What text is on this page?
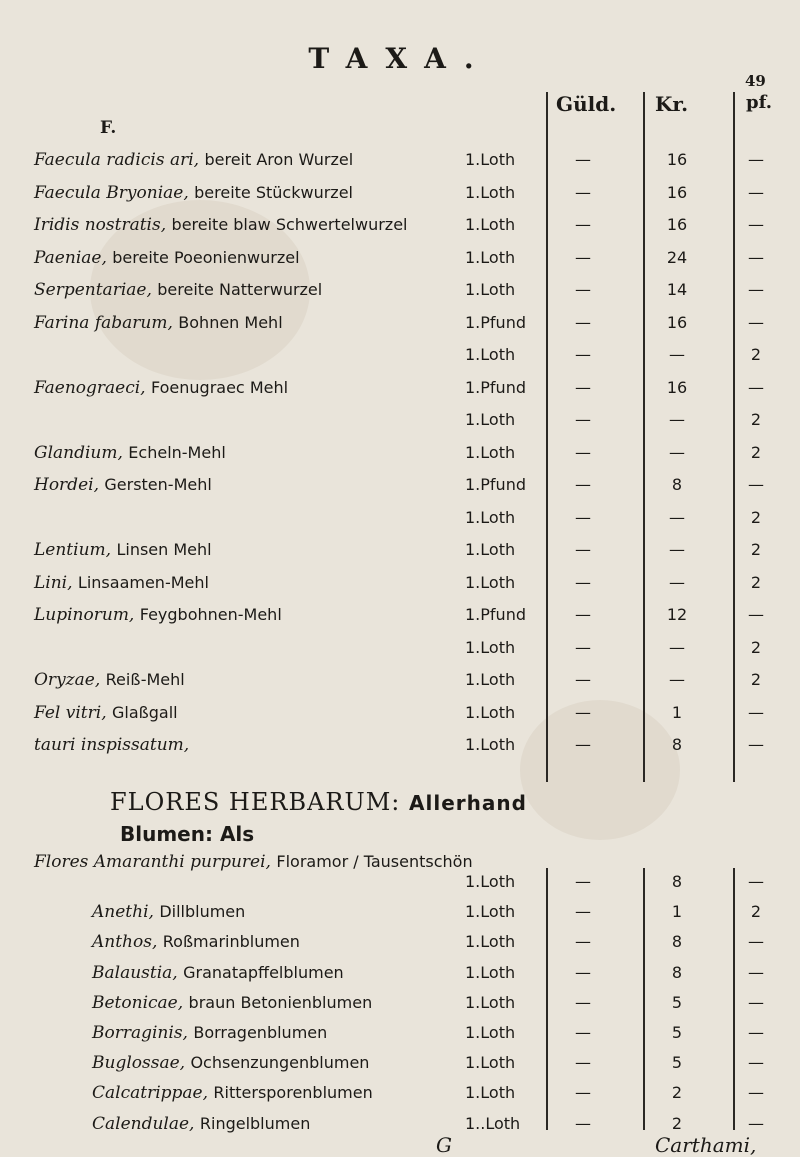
TAXA.
F.
Güld. Kr.
49
pf.
Faecula radicis ari, bereit Aron Wurzel	1.Loth	—	16	—
Faecula Bryoniae, bereite Stückwurzel	1.Loth	—	16	—
Iridis nostratis, bereite blaw Schwertelwurzel	1.Loth	—	16	—
Paeniae, bereite Poeonienwurzel	1.Loth	—	24	—
Serpentariae, bereite Natterwurzel	1.Loth	—	14	—
Farina fabarum, Bohnen Mehl	1.Pfund	—	16	—
1.Loth	—	—	2
Faenograeci, Foenugraec Mehl	1.Pfund	—	16	—
1.Loth	—	—	2
Glandium, Echeln-Mehl	1.Loth	—	—	2
Hordei, Gersten-Mehl	1.Pfund	—	8	—
1.Loth	—	—	2
Lentium, Linsen Mehl	1.Loth	—	—	2
Lini, Linsaamen-Mehl	1.Loth	—	—	2
Lupinorum, Feygbohnen-Mehl	1.Pfund	—	12	—
1.Loth	—	—	2
Oryzae, Reiß-Mehl	1.Loth	—	—	2
Fel vitri, Glaßgall	1.Loth	—	1	—
tauri inspissatum,	1.Loth	—	8	—
FLORES HERBARUM: Allerhand
Blumen: Als
Flores Amaranthi purpurei, Floramor / Tausentschön
1.Loth	—	8	—
Anethi, Dillblumen	1.Loth	—	1	2
Anthos, Roßmarinblumen	1.Loth	—	8	—
Balaustia, Granatapffelblumen	1.Loth	—	8	—
Betonicae, braun Betonienblumen	1.Loth	—	5	—
Borraginis, Borragenblumen	1.Loth	—	5	—
Buglossae, Ochsenzungenblumen	1.Loth	—	5	—
Calcatrippae, Rittersporenblumen	1.Loth	—	2	—
Calendulae, Ringelblumen	1..Loth	—	2	—
G	Carthami,
